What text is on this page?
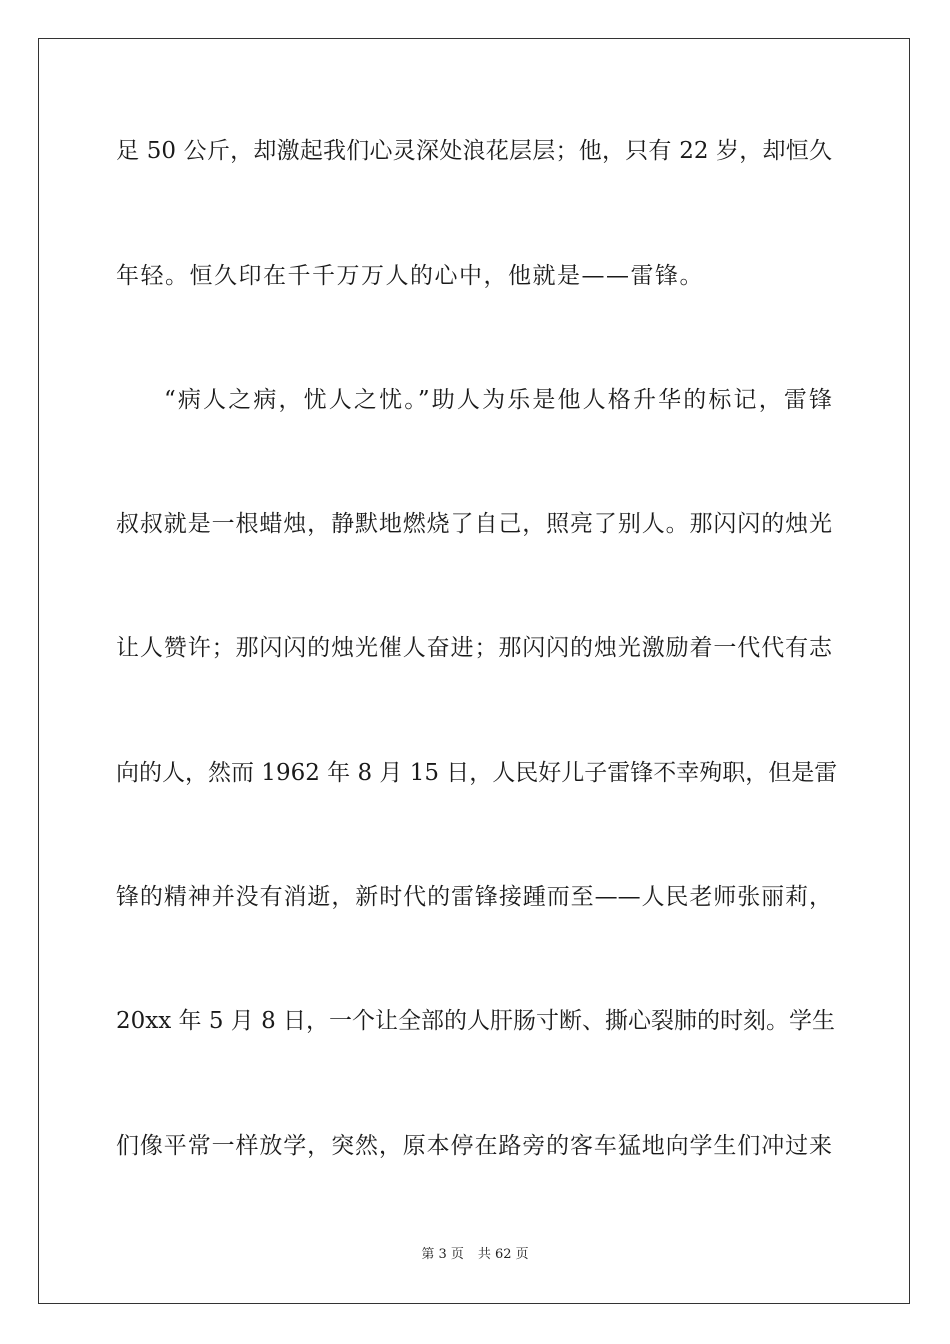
足 50 公斤，却激起我们心灵深处浪花层层；他，只有 22 岁，却恒久
年轻。恒久印在千千万万人的心中，他就是——雷锋。
“病人之病，忧人之忧。”助人为乐是他人格升华的标记，雷锋
叔叔就是一根蜡烛，静默地燃烧了自己，照亮了别人。那闪闪的烛光
让人赞许；那闪闪的烛光催人奋进；那闪闪的烛光激励着一代代有志
向的人，然而 1962 年 8 月 15 日，人民好儿子雷锋不幸殉职，但是雷
锋的精神并没有消逝，新时代的雷锋接踵而至——人民老师张丽莉，
20xx 年 5 月 8 日，一个让全部的人肝肠寸断、撕心裂肺的时刻。学生
们像平常一样放学，突然，原本停在路旁的客车猛地向学生们冲过来
第 3 页 共 62 页
